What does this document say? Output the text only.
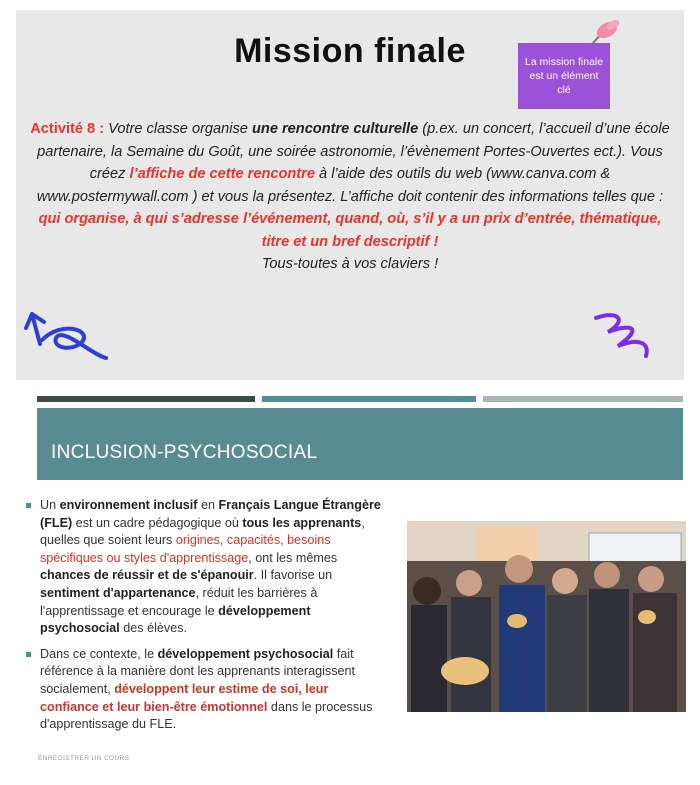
Mission finale	La mission finale est un élément clé
Activité 8 : Votre classe organise une rencontre culturelle (p.ex. un concert, l’accueil d’une école partenaire, la Semaine du Goût, une soirée astronomie, l’évènement Portes-Ouvertes ect.). Vous créez l’affiche de cette rencontre à l’aide des outils du web (www.canva.com & www.postermywall.com ) et vous la présentez. L’affiche doit contenir des informations telles que : qui organise, à qui s’adresse l’événement, quand, où, s’il y a un prix d’entrée, thématique, titre et un bref descriptif !
Tous-toutes à vos claviers !
INCLUSION-PSYCHOSOCIAL
Un environnement inclusif en Français Langue Étrangère (FLE) est un cadre pédagogique où tous les apprenants, quelles que soient leurs origines, capacités, besoins spécifiques ou styles d'apprentissage, ont les mêmes chances de réussir et de s'épanouir. Il favorise un sentiment d'appartenance, réduit les barrières à l'apprentissage et encourage le développement psychosocial des élèves.
Dans ce contexte, le développement psychosocial fait référence à la manière dont les apprenants interagissent socialement, développent leur estime de soi, leur confiance et leur bien-être émotionnel dans le processus d'apprentissage du FLE.
ENREGISTRER UN COURS
